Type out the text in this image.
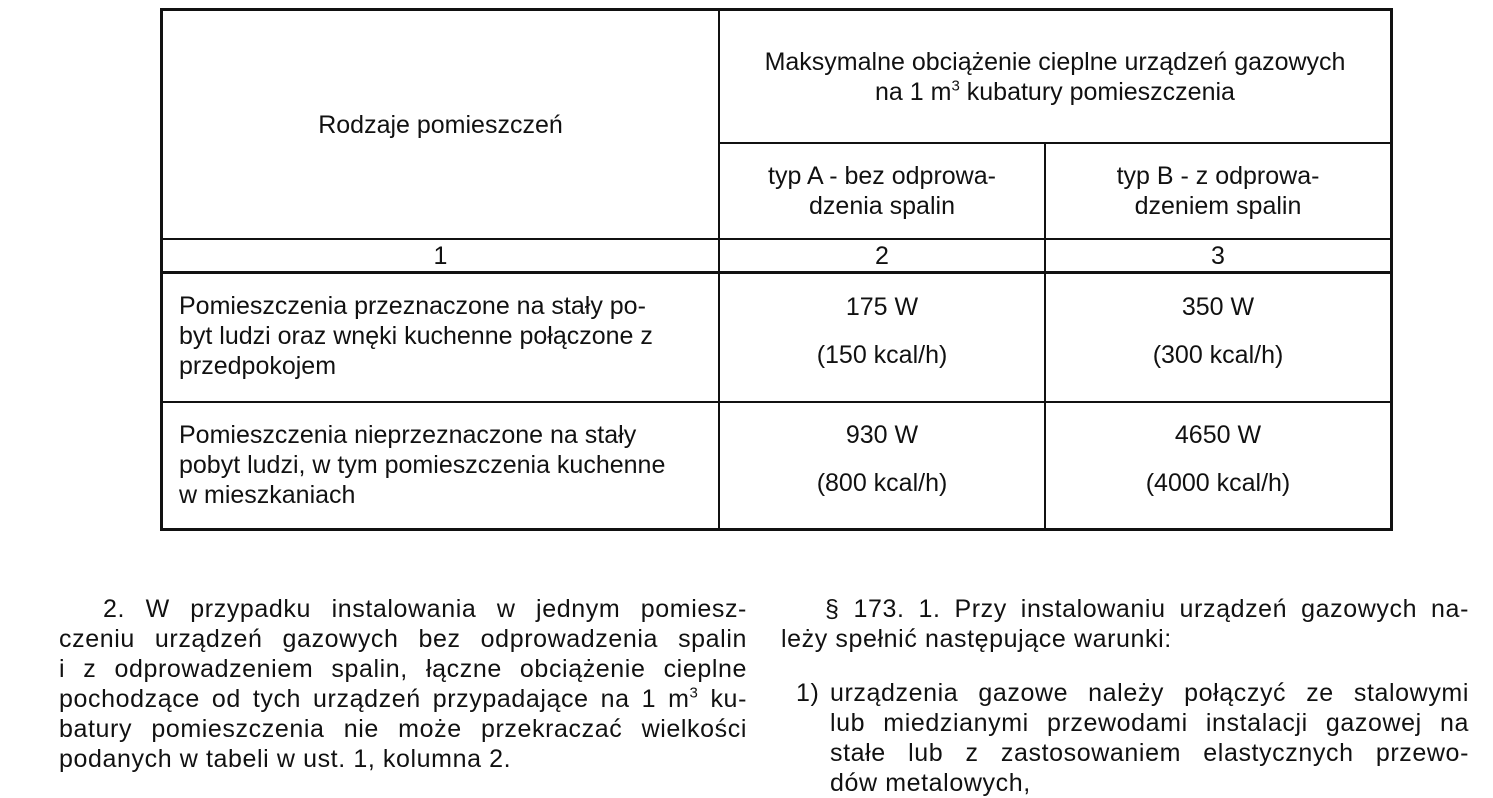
Rodzaje pomieszczeń
Maksymalne obciążenie cieplne urządzeń gazowych
na 1 $m^3$ kubatury pomieszczenia
typ A - bez odprowa-
dzenia spalin
typ B - z odprowa-
dzeniem spalin
1	2	3
Pomieszczenia przeznaczone na stały po-
byt ludzi oraz wnęki kuchenne połączone z
przedpokojem
175 W
(150 kcal/h)
350 W
(300 kcal/h)
Pomieszczenia nieprzeznaczone na stały
pobyt ludzi, w tym pomieszczenia kuchenne
w mieszkaniach
930 W
(800 kcal/h)
4650 W
(4000 kcal/h)
2. W przypadku instalowania w jednym pomiesz-
czeniu urządzeń gazowych bez odprowadzenia spalin
i z odprowadzeniem spalin, łączne obciążenie cieplne
pochodzące od tych urządzeń przypadające na 1 $m^3$ ku-
batury pomieszczenia nie może przekraczać wielkości
podanych w tabeli w ust. 1, kolumna 2.
§ 173. 1. Przy instalowaniu urządzeń gazowych na-
leży spełnić następujące warunki:
1) urządzenia gazowe należy połączyć ze stalowymi
lub miedzianymi przewodami instalacji gazowej na
stałe lub z zastosowaniem elastycznych przewo-
dów metalowych,
